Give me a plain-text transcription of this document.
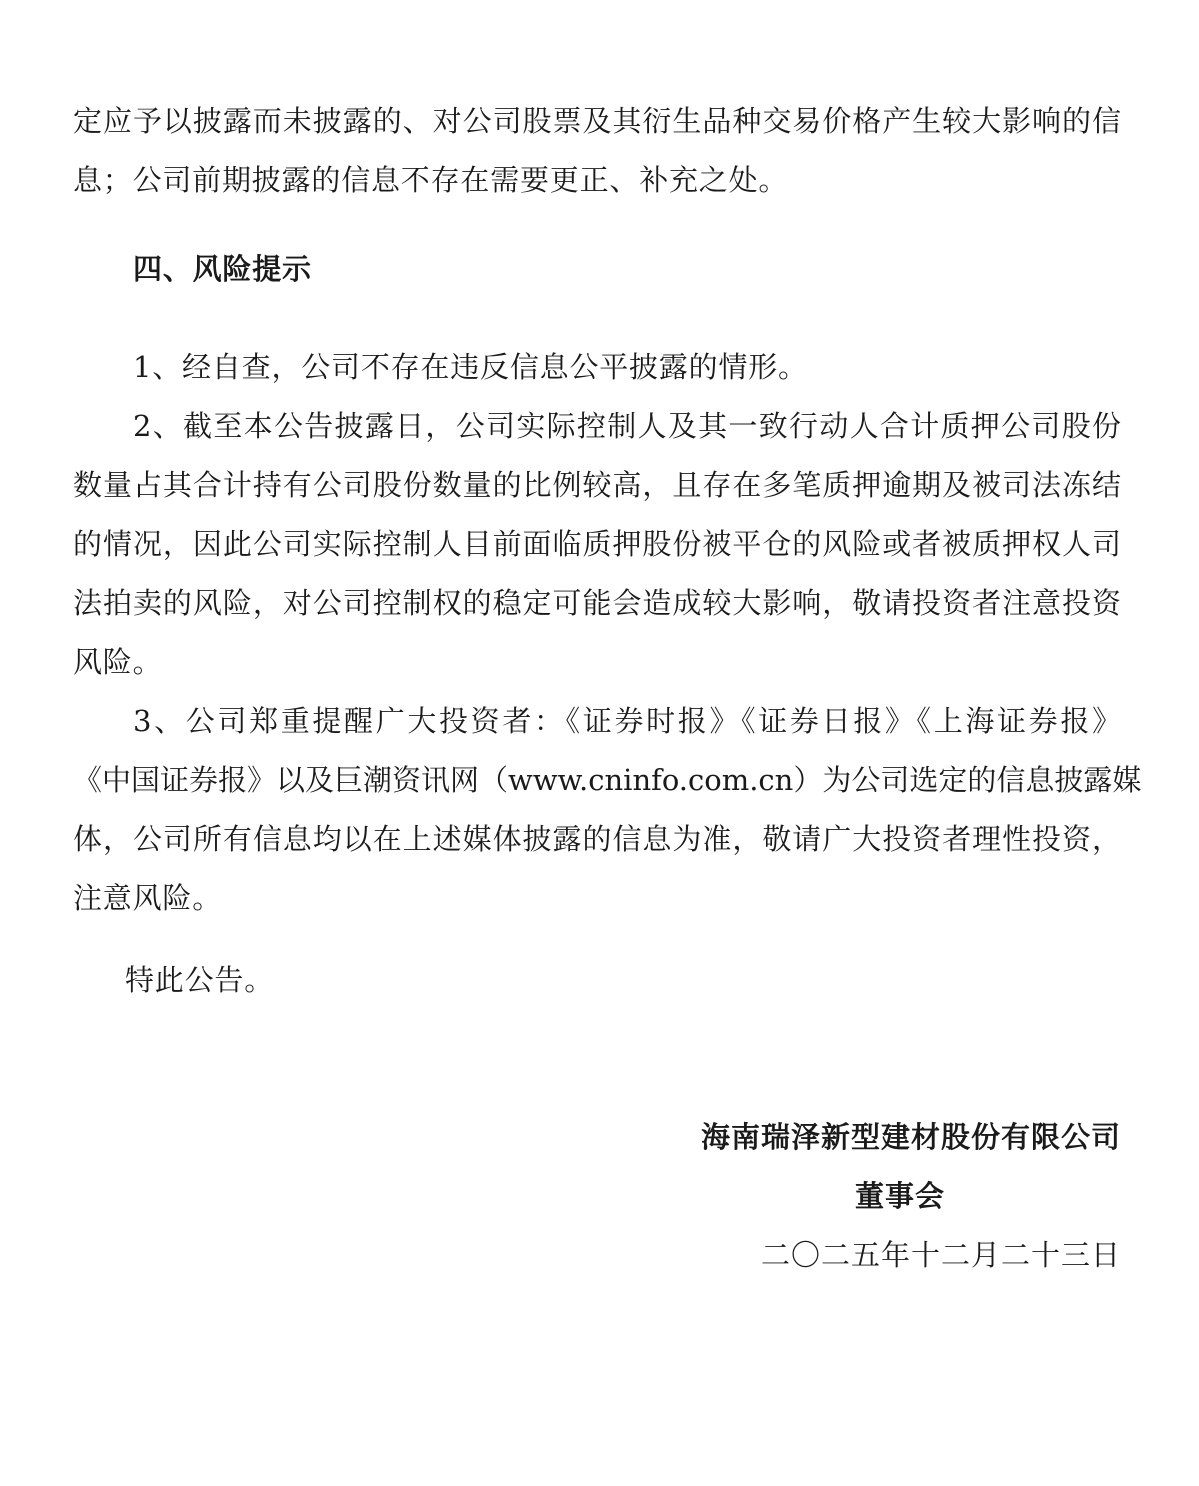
定应予以披露而未披露的、对公司股票及其衍生品种交易价格产生较大影响的信
息；公司前期披露的信息不存在需要更正、补充之处。
四、风险提示
1、经自查，公司不存在违反信息公平披露的情形。
2、截至本公告披露日，公司实际控制人及其一致行动人合计质押公司股份
数量占其合计持有公司股份数量的比例较高，且存在多笔质押逾期及被司法冻结
的情况，因此公司实际控制人目前面临质押股份被平仓的风险或者被质押权人司
法拍卖的风险，对公司控制权的稳定可能会造成较大影响，敬请投资者注意投资
风险。
3、公司郑重提醒广大投资者：《证券时报》《证券日报》《上海证券报》
《中国证券报》以及巨潮资讯网（www.cninfo.com.cn）为公司选定的信息披露媒
体，公司所有信息均以在上述媒体披露的信息为准，敬请广大投资者理性投资，
注意风险。
特此公告。
海南瑞泽新型建材股份有限公司
董事会
二〇二五年十二月二十三日
